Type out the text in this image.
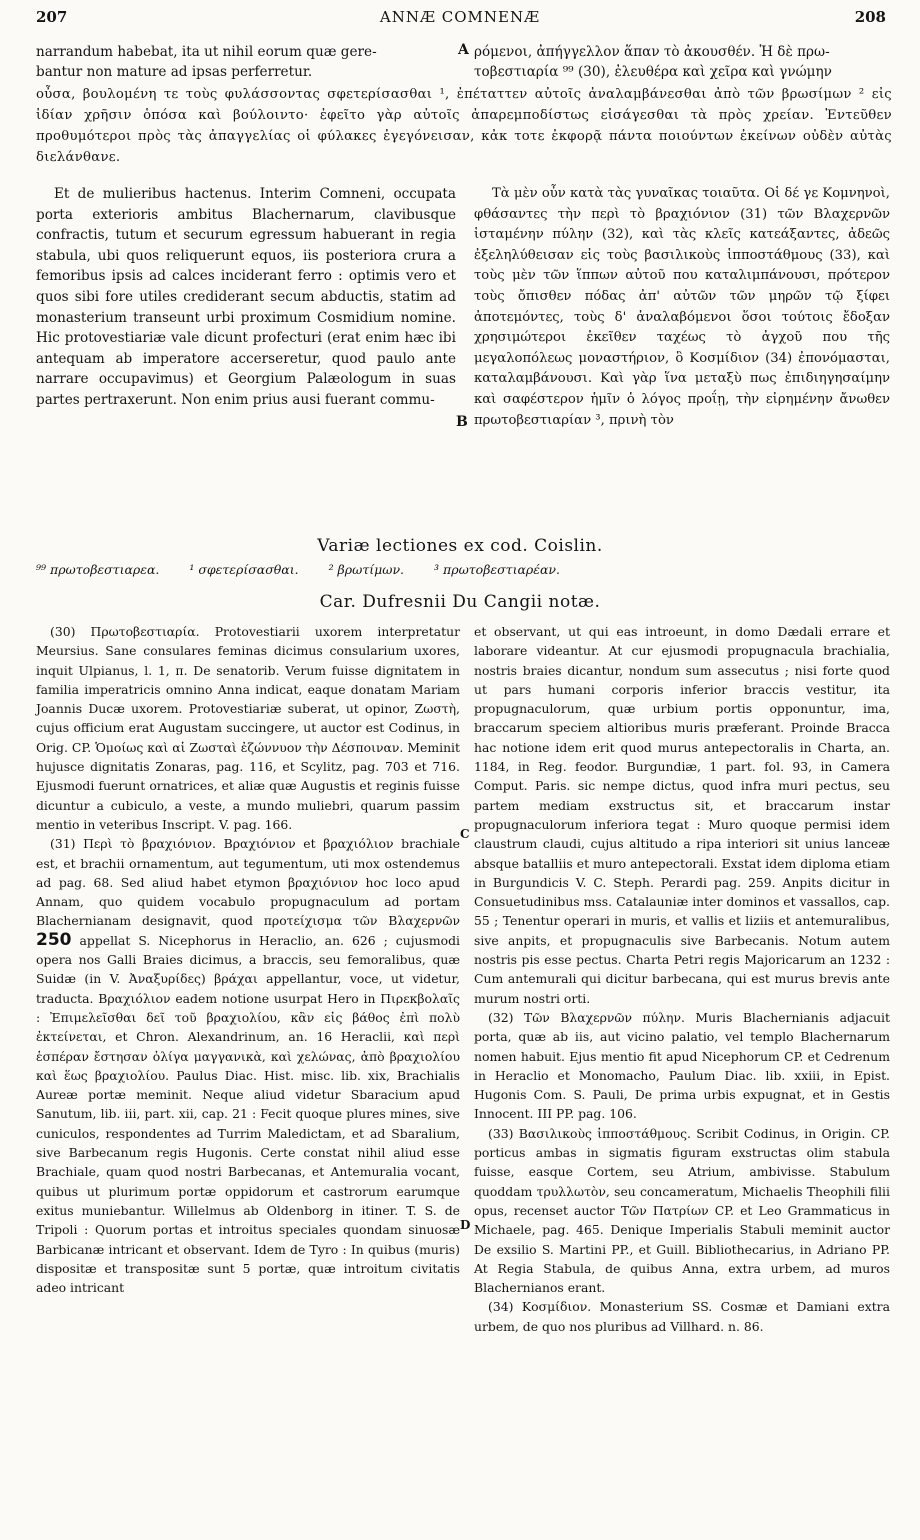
207	ANNÆ COMNENÆ	208

narrandum habebat, ita ut nihil eorum quæ gere-

bantur non mature ad ipsas perferretur.

A ρόμενοι, ἀπήγγελλον ἅπαν τὸ ἀκουσθέν. Ἡ δὲ πρω-

τοβεστιαρία ⁹⁹ (30), ἐλευθέρα καὶ χεῖρα καὶ γνώμην

οὖσα, βουλομένη τε τοὺς φυλάσσοντας σφετερίσασθαι ¹, ἐπέταττεν αὐτοῖς ἀναλαμβάνεσθαι ἀπὸ τῶν βρωσίμων ² εἰς ἰδίαν χρῆσιν ὁπόσα καὶ βούλοιντο· ἐφεῖτο γὰρ αὐτοῖς ἀπαρεμποδίστως εἰσάγεσθαι τὰ πρὸς χρείαν. Ἐντεῦθεν προθυμότεροι πρὸς τὰς ἀπαγγελίας οἱ φύλακες ἐγεγόνεισαν, κἀκ τοτε ἐκφορᾷ πάντα ποιούντων ἐκείνων οὐδὲν αὐτὰς διελάνθανε.

Et de mulieribus hactenus. Interim Comneni, occupata porta exterioris ambitus Blachernarum, clavibusque confractis, tutum et securum egressum habuerant in regia stabula, ubi quos reliquerunt equos, iis posteriora crura a femoribus ipsis ad calces inciderant ferro : optimis vero et quos sibi fore utiles crediderant secum abductis, statim ad monasterium transeunt urbi proximum Cosmidium nomine. Hic protovestiariæ vale dicunt profecturi (erat enim hæc ibi antequam ab imperatore accerseretur, quod paulo ante narrare occupavimus) et Georgium Palæologum in suas partes pertraxerunt. Non enim prius ausi fuerant commu-

B

Τὰ μὲν οὖν κατὰ τὰς γυναῖκας τοιαῦτα. Οἱ δέ γε Κομνηνοὶ, φθάσαντες τὴν περὶ τὸ βραχιόνιον (31) τῶν Βλαχερνῶν ἱσταμένην πύλην (32), καὶ τὰς κλεῖς κατεάξαντες, ἀδεῶς ἐξεληλύθεισαν εἰς τοὺς βασιλικοὺς ἱπποστάθμους (33), καὶ τοὺς μὲν τῶν ἵππων αὐτοῦ που καταλιμπάνουσι, πρότερον τοὺς ὄπισθεν πόδας ἀπ' αὐτῶν τῶν μηρῶν τῷ ξίφει ἀποτεμόντες, τοὺς δ' ἀναλαβόμενοι ὅσοι τούτοις ἔδοξαν χρησιμώτεροι ἐκεῖθεν ταχέως τὸ ἀγχοῦ που τῆς μεγαλοπόλεως μοναστήριον, ὃ Κοσμίδιον (34) ἐπονόμασται, καταλαμβάνουσι. Καὶ γὰρ ἵνα μεταξὺ πως ἐπιδιηγησαίμην καὶ σαφέστερον ἡμῖν ὁ λόγος προΐῃ, τὴν εἰρημένην ἄνωθεν πρωτοβεστιαρίαν ³, πρινὴ τὸν

Variæ lectiones ex cod. Coislin.
⁹⁹ πρωτοβεστιαρεα. ¹ σφετερίσασθαι. ² βρωτίμων. ³ πρωτοβεστιαρέαν.
Car. Dufresnii Du Cangii notæ.

(30) Πρωτοβεστιαρία. Protovestiarii uxorem interpretatur Meursius. Sane consulares feminas dicimus consularium uxores, inquit Ulpianus, l. 1, π. De senatorib. Verum fuisse dignitatem in familia imperatricis omnino Anna indicat, eaque donatam Mariam Joannis Ducæ uxorem. Protovestiariæ suberat, ut opinor, Ζωστὴ, cujus officium erat Augustam succingere, ut auctor est Codinus, in Orig. CP. Ὁμοίως καὶ αἱ Ζωσταὶ ἐζώννυον τὴν Δέσποιναν. Meminit hujusce dignitatis Zonaras, pag. 116, et Scylitz, pag. 703 et 716. Ejusmodi fuerunt ornatrices, et aliæ quæ Augustis et reginis fuisse dicuntur a cubiculo, a veste, a mundo muliebri, quarum passim mentio in veteribus Inscript. V. pag. 166.

(31) Περὶ τὸ βραχιόνιον. Βραχιόνιον et βραχιόλιον brachiale est, et brachii ornamentum, aut tegumentum, uti mox ostendemus ad pag. 68. Sed aliud habet etymon βραχιόνιον hoc loco apud Annam, quo quidem vocabulo propugnaculum ad portam Blachernianam designavit, quod προτείχισμα τῶν Βλαχερνῶν 250 appellat S. Nicephorus in Heraclio, an. 626 ; cujusmodi opera nos Galli Braies dicimus, a braccis, seu femoralibus, quæ Suidæ (in V. Ἀναξυρίδες) βράχαι appellantur, voce, ut videtur, traducta. Βραχιόλιον eadem notione usurpat Hero in Πιρεκβολαῖς : Ἐπιμελεῖσθαι δεῖ τοῦ βραχιολίου, κἂν εἰς βάθος ἐπὶ πολὺ ἐκτείνεται, et Chron. Alexandrinum, an. 16 Heraclii, καὶ περὶ ἑσπέραν ἔστησαν ὀλίγα μαγγανικὰ, καὶ χελώνας, ἀπὸ βραχιολίου καὶ ἕως βραχιολίου. Paulus Diac. Hist. misc. lib. xix, Brachialis Aureæ portæ meminit. Neque aliud videtur Sbaracium apud Sanutum, lib. iii, part. xii, cap. 21 : Fecit quoque plures mines, sive cuniculos, respondentes ad Turrim Maledictam, et ad Sbaralium, sive Barbecanum regis Hugonis. Certe constat nihil aliud esse Brachiale, quam quod nostri Barbecanas, et Antemuralia vocant, quibus ut plurimum portæ oppidorum et castrorum earumque exitus muniebantur. Willelmus ab Oldenborg in itiner. T. S. de Tripoli : Quorum portas et introitus speciales quondam sinuosæ Barbicanæ intricant et observant. Idem de Tyro : In quibus (muris) dispositæ et transpositæ sunt 5 portæ, quæ introitum civitatis adeo intricant

C
D

et observant, ut qui eas introeunt, in domo Dædali errare et laborare videantur. At cur ejusmodi propugnacula brachialia, nostris braies dicantur, nondum sum assecutus ; nisi forte quod ut pars humani corporis inferior braccis vestitur, ita propugnaculorum, quæ urbium portis opponuntur, ima, braccarum speciem altioribus muris præferant. Proinde Bracca hac notione idem erit quod murus antepectoralis in Charta, an. 1184, in Reg. feodor. Burgundiæ, 1 part. fol. 93, in Camera Comput. Paris. sic nempe dictus, quod infra muri pectus, seu partem mediam exstructus sit, et braccarum instar propugnaculorum inferiora tegat : Muro quoque permisi idem claustrum claudi, cujus altitudo a ripa interiori sit unius lanceæ absque batalliis et muro antepectorali. Exstat idem diploma etiam in Burgundicis V. C. Steph. Perardi pag. 259. Anpits dicitur in Consuetudinibus mss. Catalauniæ inter dominos et vassallos, cap. 55 ; Tenentur operari in muris, et vallis et liziis et antemuralibus, sive anpits, et propugnaculis sive Barbecanis. Notum autem nostris pis esse pectus. Charta Petri regis Majoricarum an 1232 : Cum antemurali qui dicitur barbecana, qui est murus brevis ante murum nostri orti.

(32) Τῶν Βλαχερνῶν πύλην. Muris Blachernianis adjacuit porta, quæ ab iis, aut vicino palatio, vel templo Blachernarum nomen habuit. Ejus mentio fit apud Nicephorum CP. et Cedrenum in Heraclio et Monomacho, Paulum Diac. lib. xxiii, in Epist. Hugonis Com. S. Pauli, De prima urbis expugnat, et in Gestis Innocent. III PP. pag. 106.

(33) Βασιλικοὺς ἱπποστάθμους. Scribit Codinus, in Origin. CP. porticus ambas in sigmatis figuram exstructas olim stabula fuisse, easque Cortem, seu Atrium, ambivisse. Stabulum quoddam τρυλλωτὸν, seu concameratum, Michaelis Theophili filii opus, recenset auctor Τῶν Πατρίων CP. et Leo Grammaticus in Michaele, pag. 465. Denique Imperialis Stabuli meminit auctor De exsilio S. Martini PP., et Guill. Bibliothecarius, in Adriano PP. At Regia Stabula, de quibus Anna, extra urbem, ad muros Blachernianos erant.

(34) Κοσμίδιον. Monasterium SS. Cosmæ et Damiani extra urbem, de quo nos pluribus ad Villhard. n. 86.
